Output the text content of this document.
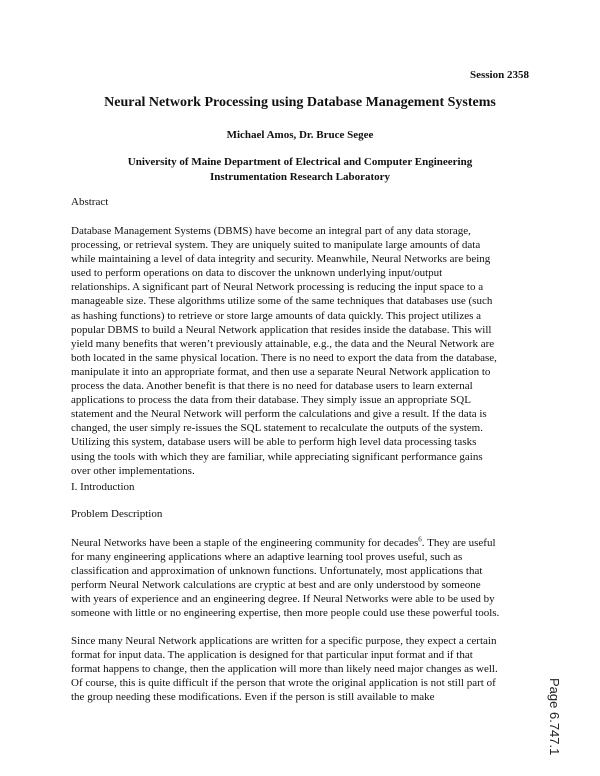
Session 2358
Neural Network Processing using Database Management Systems
Michael Amos, Dr. Bruce Segee
University of Maine Department of Electrical and Computer Engineering
Instrumentation Research Laboratory
Abstract
Database Management Systems (DBMS) have become an integral part of any data storage,
processing, or retrieval system. They are uniquely suited to manipulate large amounts of data
while maintaining a level of data integrity and security. Meanwhile, Neural Networks are being
used to perform operations on data to discover the unknown underlying input/output
relationships. A significant part of Neural Network processing is reducing the input space to a
manageable size. These algorithms utilize some of the same techniques that databases use (such
as hashing functions) to retrieve or store large amounts of data quickly. This project utilizes a
popular DBMS to build a Neural Network application that resides inside the database. This will
yield many benefits that weren’t previously attainable, e.g., the data and the Neural Network are
both located in the same physical location. There is no need to export the data from the database,
manipulate it into an appropriate format, and then use a separate Neural Network application to
process the data. Another benefit is that there is no need for database users to learn external
applications to process the data from their database. They simply issue an appropriate SQL
statement and the Neural Network will perform the calculations and give a result. If the data is
changed, the user simply re-issues the SQL statement to recalculate the outputs of the system.
Utilizing this system, database users will be able to perform high level data processing tasks
using the tools with which they are familiar, while appreciating significant performance gains
over other implementations.
I. Introduction
Problem Description
Neural Networks have been a staple of the engineering community for decades$^6$. They are useful
for many engineering applications where an adaptive learning tool proves useful, such as
classification and approximation of unknown functions. Unfortunately, most applications that
perform Neural Network calculations are cryptic at best and are only understood by someone
with years of experience and an engineering degree. If Neural Networks were able to be used by
someone with little or no engineering expertise, then more people could use these powerful tools.
Since many Neural Network applications are written for a specific purpose, they expect a certain
format for input data. The application is designed for that particular input format and if that
format happens to change, then the application will more than likely need major changes as well.
Of course, this is quite difficult if the person that wrote the original application is not still part of
the group needing these modifications. Even if the person is still available to make	Page 6.747.1
